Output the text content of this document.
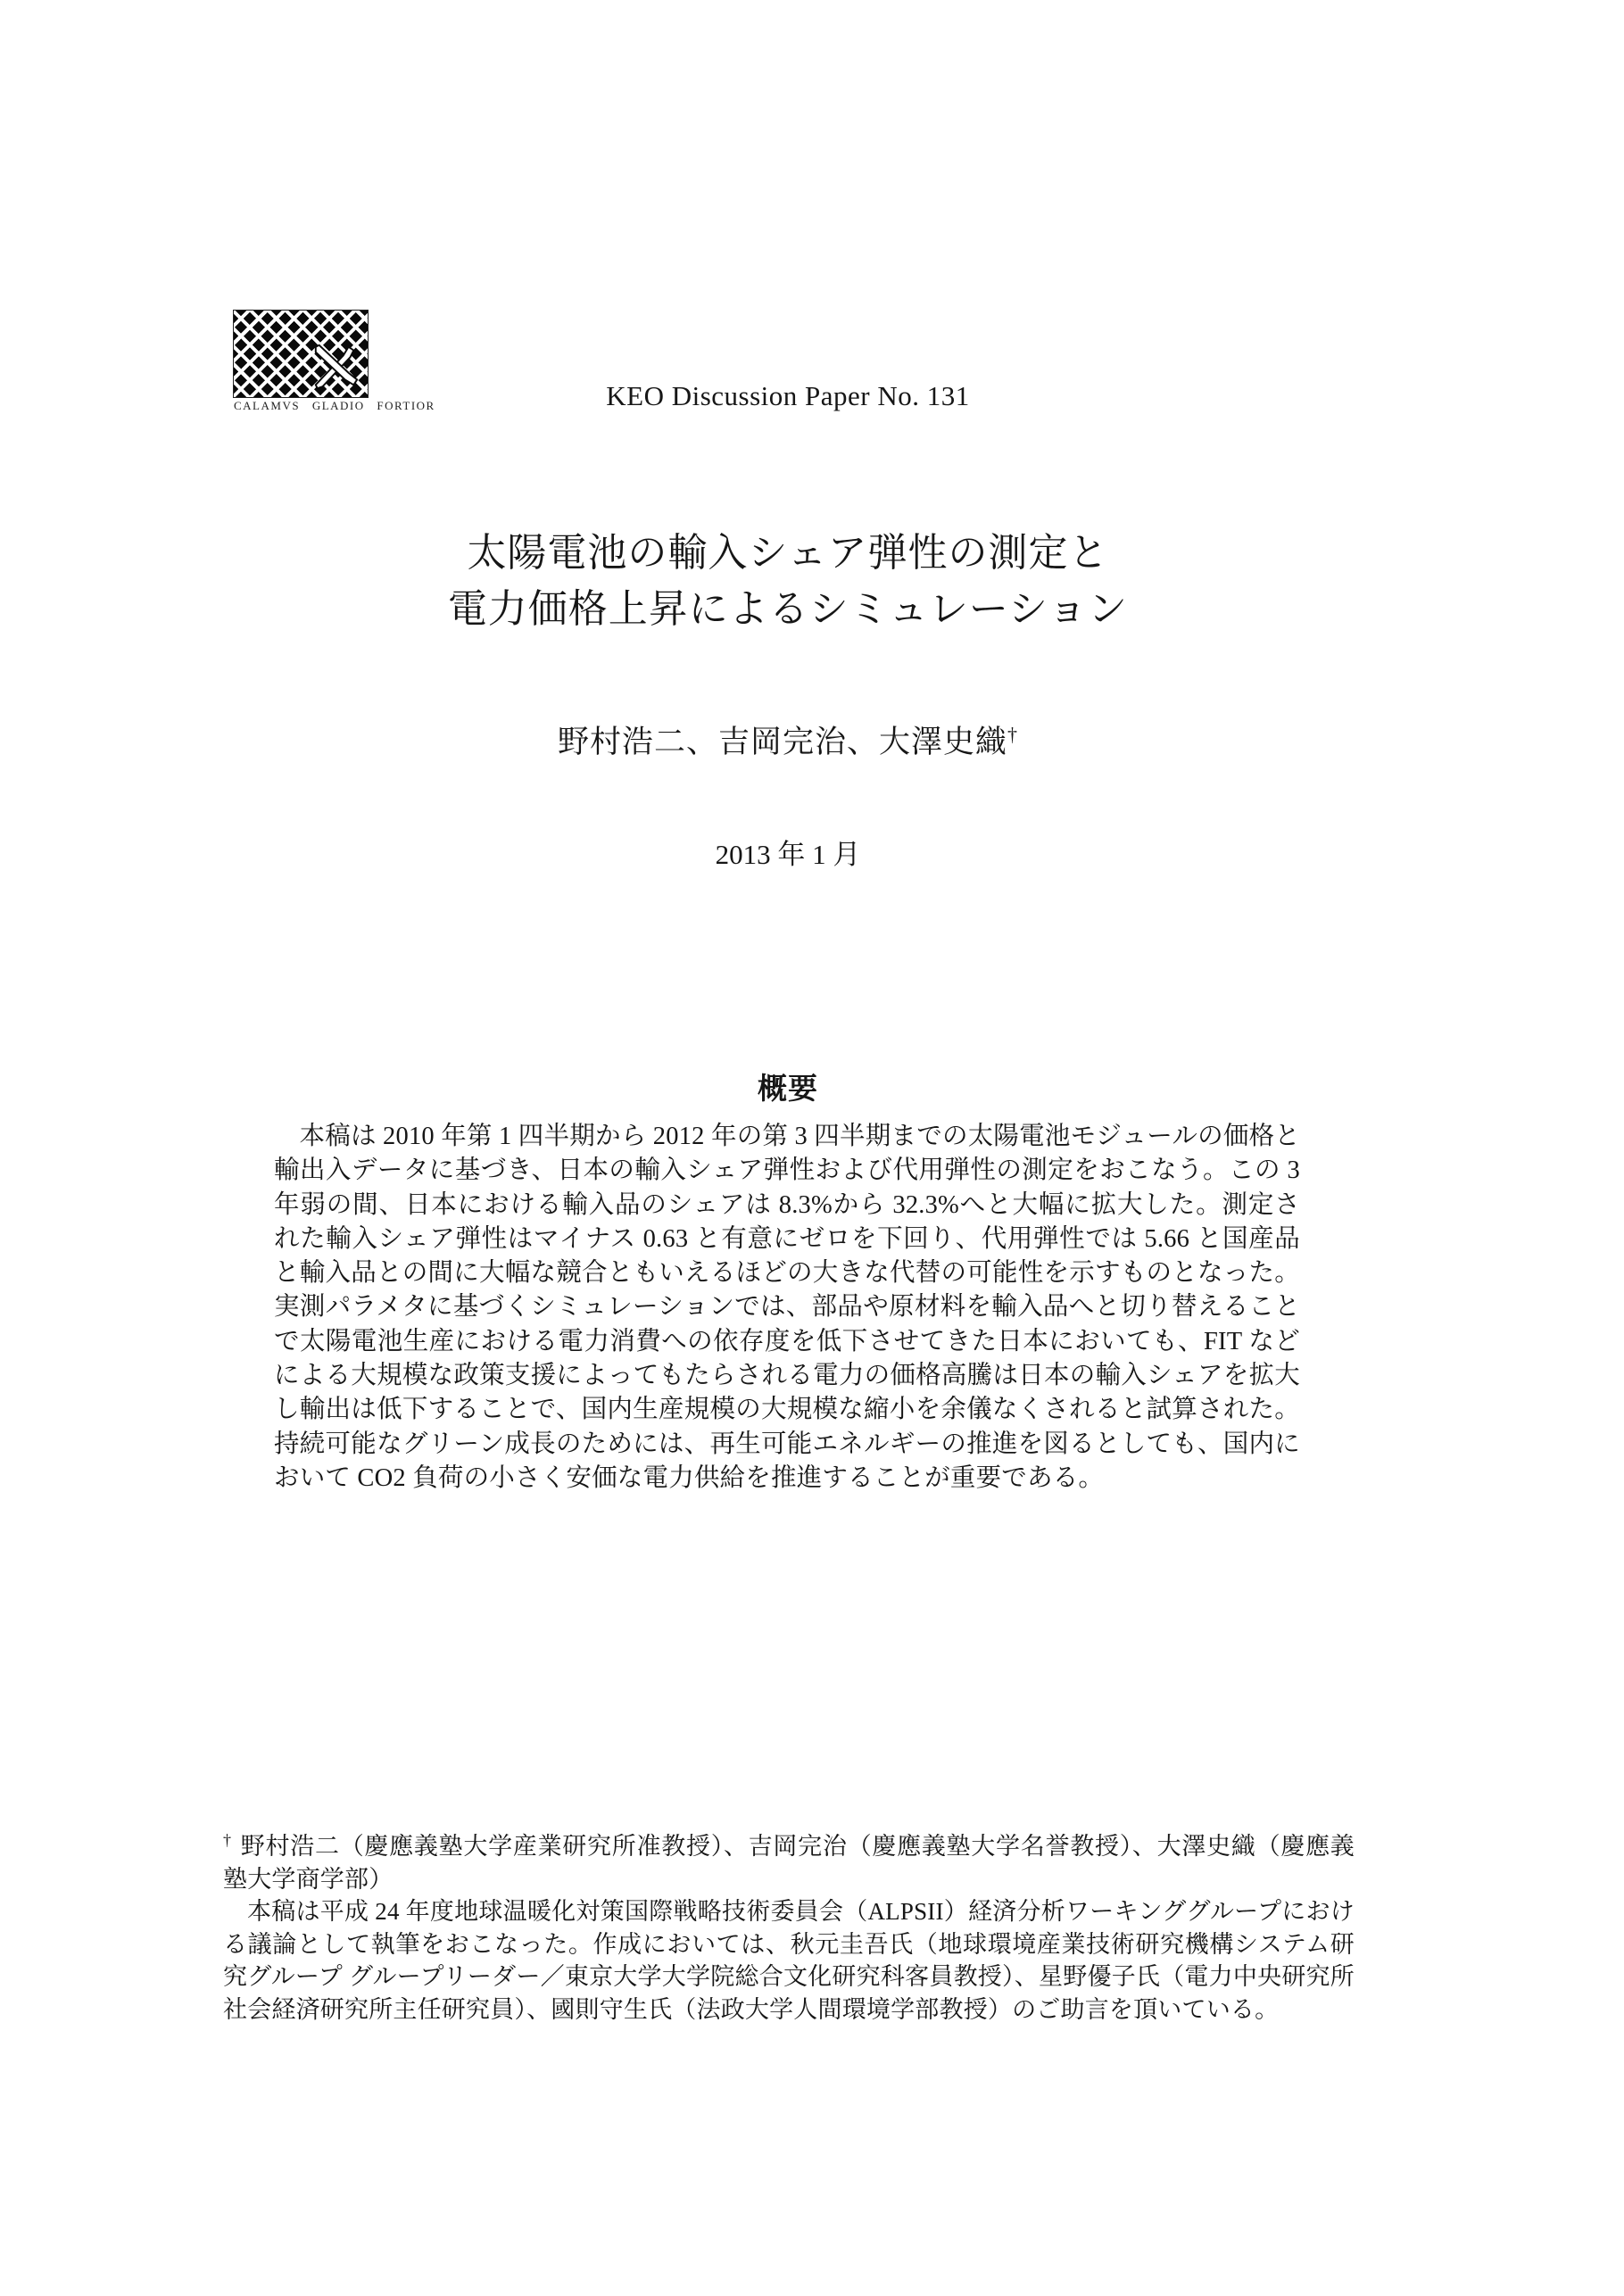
CALAMVS GLADIO FORTIOR	KEO Discussion Paper No. 131
太陽電池の輸入シェア弾性の測定と
電力価格上昇によるシミュレーション
野村浩二、吉岡完治、大澤史織†
2013 年 1 月
概要
本稿は 2010 年第 1 四半期から 2012 年の第 3 四半期までの太陽電池モジュールの価格と輸出入データに基づき、日本の輸入シェア弾性および代用弾性の測定をおこなう。この 3 年弱の間、日本における輸入品のシェアは 8.3%から 32.3%へと大幅に拡大した。測定された輸入シェア弾性はマイナス 0.63 と有意にゼロを下回り、代用弾性では 5.66 と国産品と輸入品との間に大幅な競合ともいえるほどの大きな代替の可能性を示すものとなった。実測パラメタに基づくシミュレーションでは、部品や原材料を輸入品へと切り替えることで太陽電池生産における電力消費への依存度を低下させてきた日本においても、FIT などによる大規模な政策支援によってもたらされる電力の価格高騰は日本の輸入シェアを拡大し輸出は低下することで、国内生産規模の大規模な縮小を余儀なくされると試算された。持続可能なグリーン成長のためには、再生可能エネルギーの推進を図るとしても、国内において CO2 負荷の小さく安価な電力供給を推進することが重要である。

† 野村浩二（慶應義塾大学産業研究所准教授）、吉岡完治（慶應義塾大学名誉教授）、大澤史織（慶應義塾大学商学部）

本稿は平成 24 年度地球温暖化対策国際戦略技術委員会（ALPSII）経済分析ワーキンググループにおける議論として執筆をおこなった。作成においては、秋元圭吾氏（地球環境産業技術研究機構システム研究グループ グループリーダー／東京大学大学院総合文化研究科客員教授）、星野優子氏（電力中央研究所社会経済研究所主任研究員）、國則守生氏（法政大学人間環境学部教授）のご助言を頂いている。
